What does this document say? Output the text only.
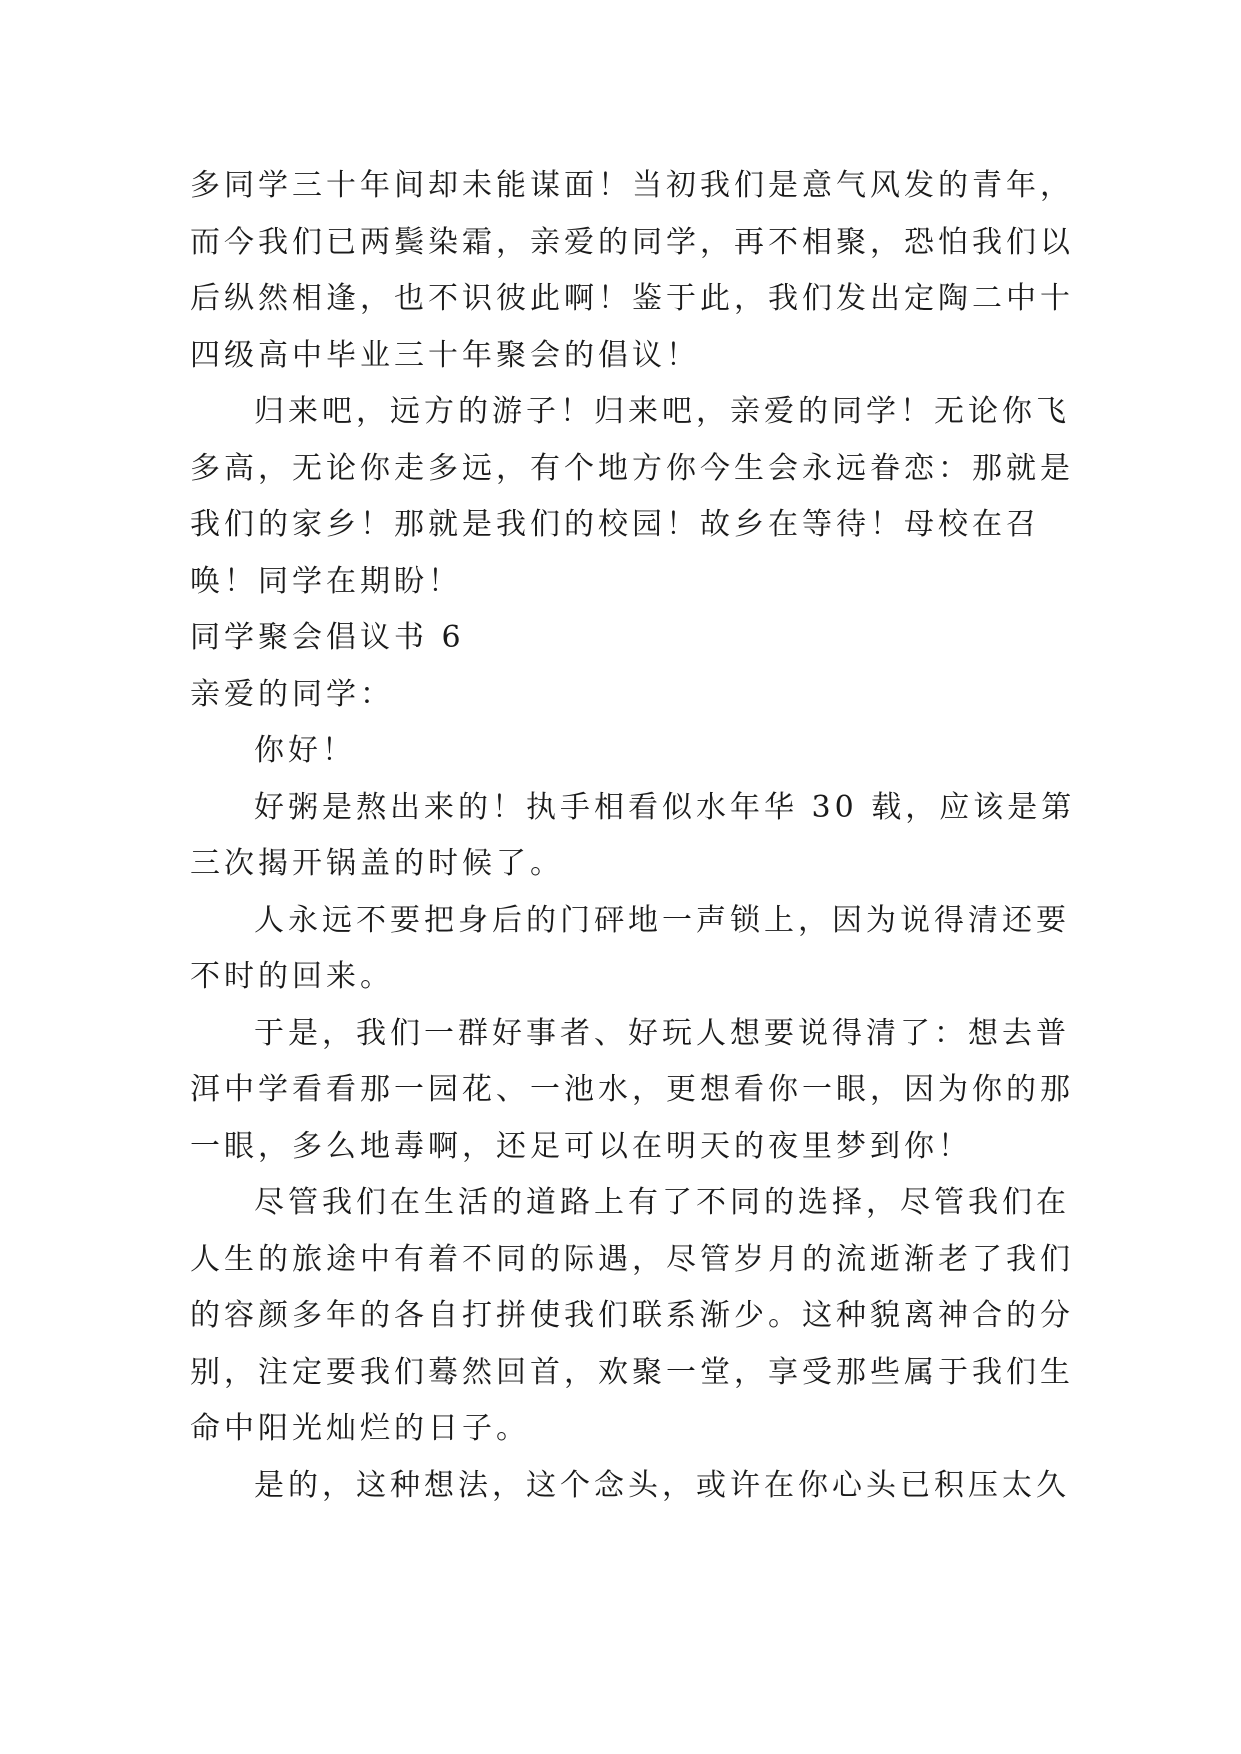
多同学三十年间却未能谋面！当初我们是意气风发的青年，
而今我们已两鬓染霜，亲爱的同学，再不相聚，恐怕我们以
后纵然相逢，也不识彼此啊！鉴于此，我们发出定陶二中十
四级高中毕业三十年聚会的倡议！
归来吧，远方的游子！归来吧，亲爱的同学！无论你飞
多高，无论你走多远，有个地方你今生会永远眷恋：那就是
我们的家乡！那就是我们的校园！故乡在等待！母校在召
唤！同学在期盼！
同学聚会倡议书 6
亲爱的同学：
你好！
好粥是熬出来的！执手相看似水年华 30 载，应该是第
三次揭开锅盖的时候了。
人永远不要把身后的门砰地一声锁上，因为说得清还要
不时的回来。
于是，我们一群好事者、好玩人想要说得清了：想去普
洱中学看看那一园花、一池水，更想看你一眼，因为你的那
一眼，多么地毒啊，还足可以在明天的夜里梦到你！
尽管我们在生活的道路上有了不同的选择，尽管我们在
人生的旅途中有着不同的际遇，尽管岁月的流逝渐老了我们
的容颜多年的各自打拼使我们联系渐少。这种貌离神合的分
别，注定要我们蓦然回首，欢聚一堂，享受那些属于我们生
命中阳光灿烂的日子。
是的，这种想法，这个念头，或许在你心头已积压太久
